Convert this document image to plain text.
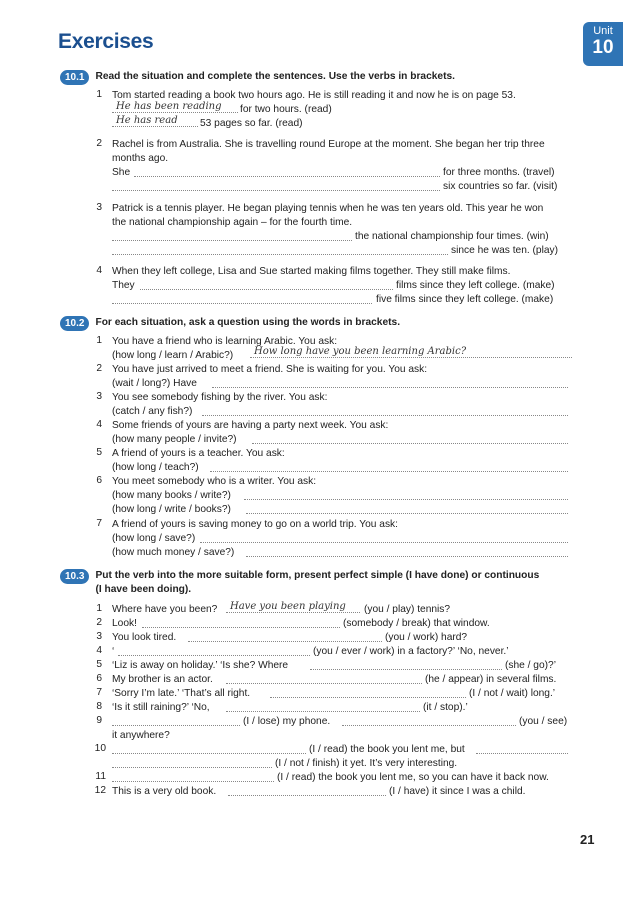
Exercises	Unit
10
10.1	Read the situation and complete the sentences. Use the verbs in brackets.
1 Tom started reading a book two hours ago. He is still reading it and now he is on page 53.
He has been reading	for two hours. (read)
He has read	53 pages so far. (read)
2 Rachel is from Australia. She is travelling round Europe at the moment. She began her trip three
months ago.
She	for three months. (travel)
six countries so far. (visit)
3 Patrick is a tennis player. He began playing tennis when he was ten years old. This year he won
the national championship again – for the fourth time.
the national championship four times. (win)
since he was ten. (play)
4 When they left college, Lisa and Sue started making films together. They still make films.
They	films since they left college. (make)
five films since they left college. (make)
10.2	For each situation, ask a question using the words in brackets.
1 You have a friend who is learning Arabic. You ask:
(how long / learn / Arabic?)	How long have you been learning Arabic?
2 You have just arrived to meet a friend. She is waiting for you. You ask:
(wait / long?) Have
3 You see somebody fishing by the river. You ask:
(catch / any fish?)
4 Some friends of yours are having a party next week. You ask:
(how many people / invite?)
5 A friend of yours is a teacher. You ask:
(how long / teach?)
6 You meet somebody who is a writer. You ask:
(how many books / write?)
(how long / write / books?)
7 A friend of yours is saving money to go on a world trip. You ask:
(how long / save?)
(how much money / save?)
10.3	Put the verb into the more suitable form, present perfect simple (I have done) or continuous
(I have been doing).
1 Where have you been?	Have you been playing	(you / play) tennis?
2 Look!	(somebody / break) that window.
3 You look tired.	(you / work) hard?
4 ‘	(you / ever / work) in a factory?’ ‘No, never.’
5 ‘Liz is away on holiday.’ ‘Is she? Where	(she / go)?’
6 My brother is an actor.	(he / appear) in several films.
7 ‘Sorry I’m late.’ ‘That’s all right.	(I / not / wait) long.’
8 ‘Is it still raining?’ ‘No,	(it / stop).’
9	(I / lose) my phone.	(you / see)
it anywhere?
10	(I / read) the book you lent me, but
(I / not / finish) it yet. It’s very interesting.
11	(I / read) the book you lent me, so you can have it back now.
12 This is a very old book.	(I / have) it since I was a child.
21
